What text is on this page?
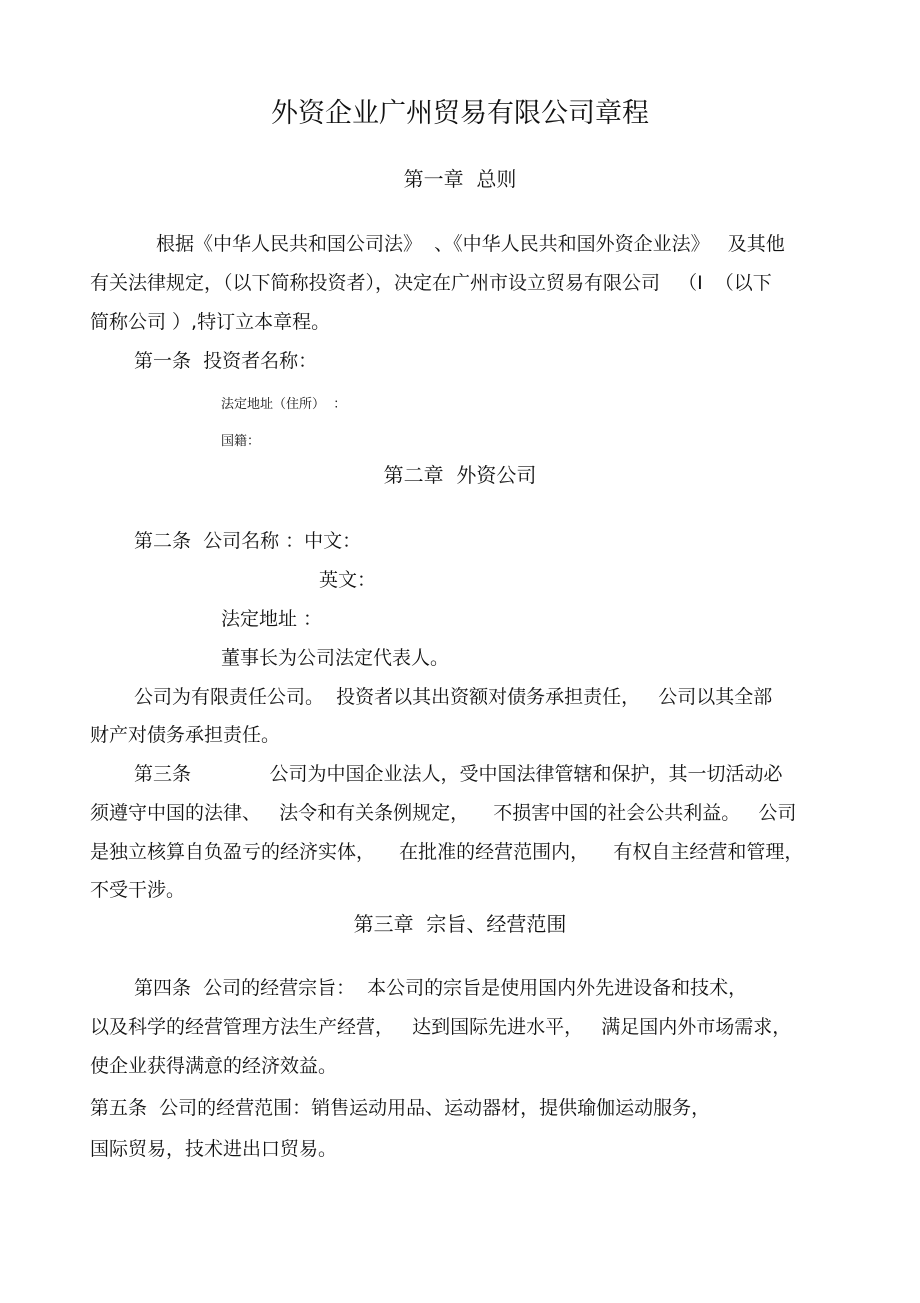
外资企业广州贸易有限公司章程
第一章  总则
根据《中华人民共和国公司法》  、《中华人民共和国外资企业法》   及其他
有关法律规定，（以下简称投资者），决定在广州市设立贸易有限公司   （I  （以下
简称公司 ）,特订立本章程。
第一条  投资者名称：
法定地址（住所）  ：
国籍：
第二章  外资公司
第二条  公司名称 ：中文：
英文：
法定地址 ：
董事长为公司法定代表人。
公司为有限责任公司。  投资者以其出资额对债务承担责任，   公司以其全部
财产对债务承担责任。
第三条             公司为中国企业法人，受中国法律管辖和保护，其一切活动必
须遵守中国的法律、   法令和有关条例规定，    不损害中国的社会公共利益。   公司
是独立核算自负盈亏的经济实体，    在批准的经营范围内，    有权自主经营和管理，
不受干涉。
第三章  宗旨、经营范围
第四条  公司的经营宗旨：  本公司的宗旨是使用国内外先进设备和技术，
以及科学的经营管理方法生产经营，   达到国际先进水平，   满足国内外市场需求，
使企业获得满意的经济效益。
第五条  公司的经营范围：销售运动用品、运动器材，提供瑜伽运动服务，
国际贸易，技术进出口贸易。
